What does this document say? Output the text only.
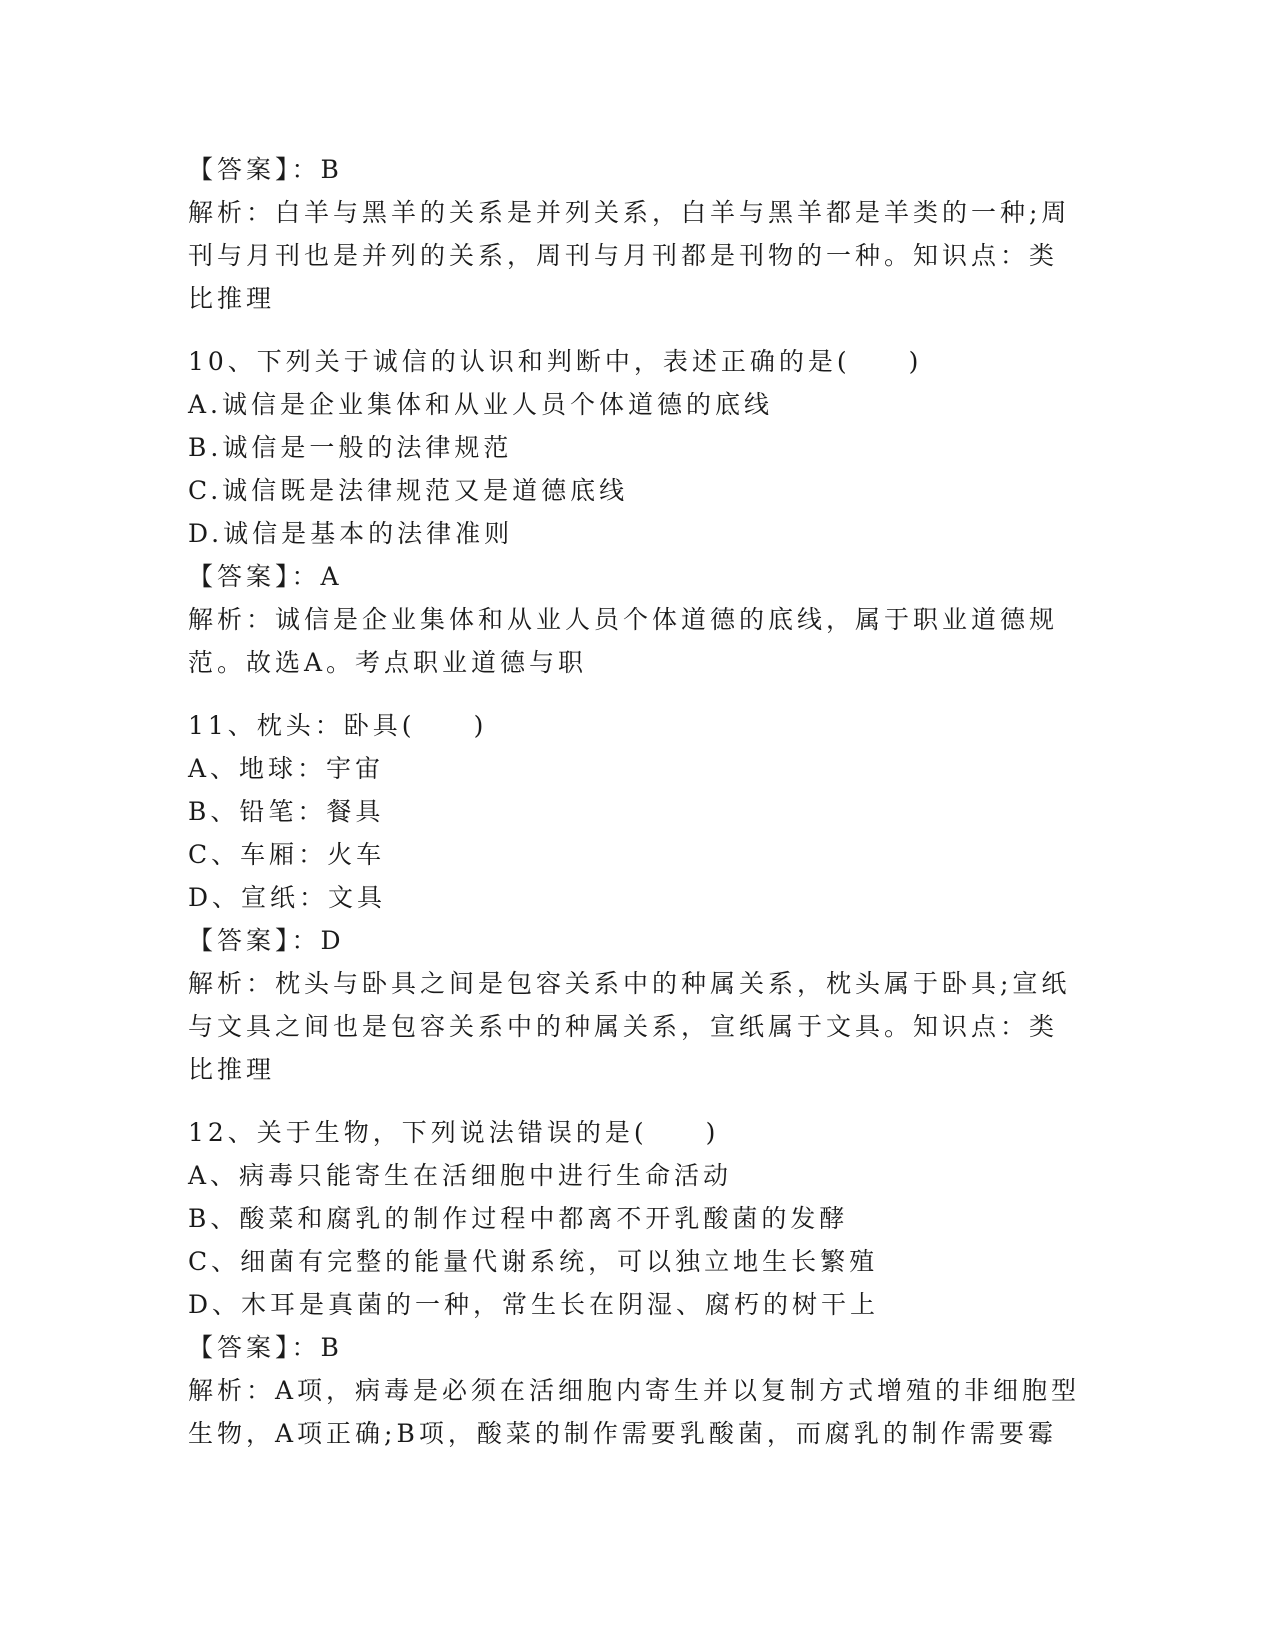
【答案】：B
解析：白羊与黑羊的关系是并列关系，白羊与黑羊都是羊类的一种;周
刊与月刊也是并列的关系，周刊与月刊都是刊物的一种。知识点：类
比推理
10、下列关于诚信的认识和判断中，表述正确的是(　　)
A.诚信是企业集体和从业人员个体道德的底线
B.诚信是一般的法律规范
C.诚信既是法律规范又是道德底线
D.诚信是基本的法律准则
【答案】：A
解析：诚信是企业集体和从业人员个体道德的底线，属于职业道德规
范。故选A。考点职业道德与职
11、枕头：卧具(　　)
A、地球：宇宙
B、铅笔：餐具
C、车厢：火车
D、宣纸：文具
【答案】：D
解析：枕头与卧具之间是包容关系中的种属关系，枕头属于卧具;宣纸
与文具之间也是包容关系中的种属关系，宣纸属于文具。知识点：类
比推理
12、关于生物，下列说法错误的是(　　)
A、病毒只能寄生在活细胞中进行生命活动
B、酸菜和腐乳的制作过程中都离不开乳酸菌的发酵
C、细菌有完整的能量代谢系统，可以独立地生长繁殖
D、木耳是真菌的一种，常生长在阴湿、腐朽的树干上
【答案】：B
解析：A项，病毒是必须在活细胞内寄生并以复制方式增殖的非细胞型
生物，A项正确;B项，酸菜的制作需要乳酸菌，而腐乳的制作需要霉
